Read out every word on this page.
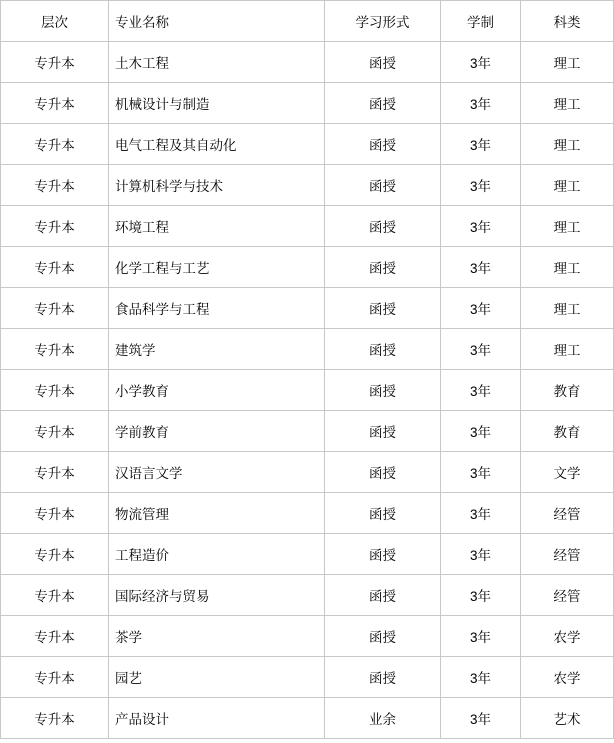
层次	专业名称	学习形式	学制	科类
专升本	土木工程	函授	3年	理工
专升本	机械设计与制造	函授	3年	理工
专升本	电气工程及其自动化	函授	3年	理工
专升本	计算机科学与技术	函授	3年	理工
专升本	环境工程	函授	3年	理工
专升本	化学工程与工艺	函授	3年	理工
专升本	食品科学与工程	函授	3年	理工
专升本	建筑学	函授	3年	理工
专升本	小学教育	函授	3年	教育
专升本	学前教育	函授	3年	教育
专升本	汉语言文学	函授	3年	文学
专升本	物流管理	函授	3年	经管
专升本	工程造价	函授	3年	经管
专升本	国际经济与贸易	函授	3年	经管
专升本	茶学	函授	3年	农学
专升本	园艺	函授	3年	农学
专升本	产品设计	业余	3年	艺术
